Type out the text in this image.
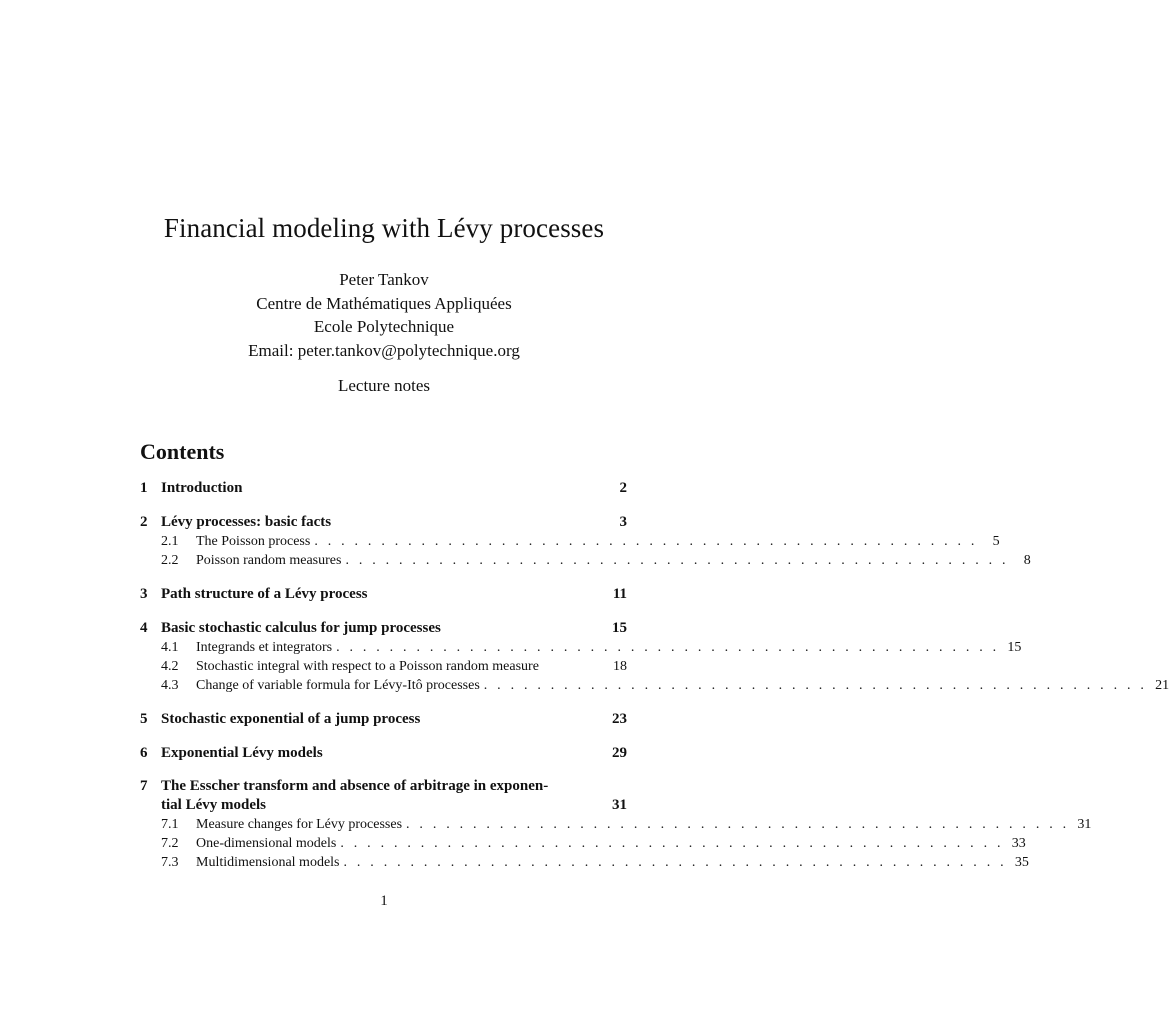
Financial modeling with Lévy processes
Peter Tankov
Centre de Mathématiques Appliquées
Ecole Polytechnique
Email: peter.tankov@polytechnique.org
Lecture notes
Contents
1 Introduction	2
2 Lévy processes: basic facts	3
2.1	The Poisson process . . . . . . . . . . . . . . . . . . . . . . . . . . . . . . . . . . . . . . . . . . . . . . . . . .	5
2.2	Poisson random measures . . . . . . . . . . . . . . . . . . . . . . . . . . . . . . . . . . . . . . . . . . . . . . . . . .	8
3 Path structure of a Lévy process	11
4 Basic stochastic calculus for jump processes	15
4.1	Integrands et integrators . . . . . . . . . . . . . . . . . . . . . . . . . . . . . . . . . . . . . . . . . . . . . . . . . . 15
4.2	Stochastic integral with respect to a Poisson random measure	18
4.3	Change of variable formula for Lévy-Itô processes . . . . . . . . . . . . . . . . . . . . . . . . . . . . . . . . . . . . . . . . . . . . . . . . . . 21
5 Stochastic exponential of a jump process	23
6 Exponential Lévy models	29
7 The Esscher transform and absence of arbitrage in exponen-
tial Lévy models	31
7.1	Measure changes for Lévy processes . . . . . . . . . . . . . . . . . . . . . . . . . . . . . . . . . . . . . . . . . . . . . . . . . . 31
7.2	One-dimensional models . . . . . . . . . . . . . . . . . . . . . . . . . . . . . . . . . . . . . . . . . . . . . . . . . . 33
7.3	Multidimensional models . . . . . . . . . . . . . . . . . . . . . . . . . . . . . . . . . . . . . . . . . . . . . . . . . . 35
1
